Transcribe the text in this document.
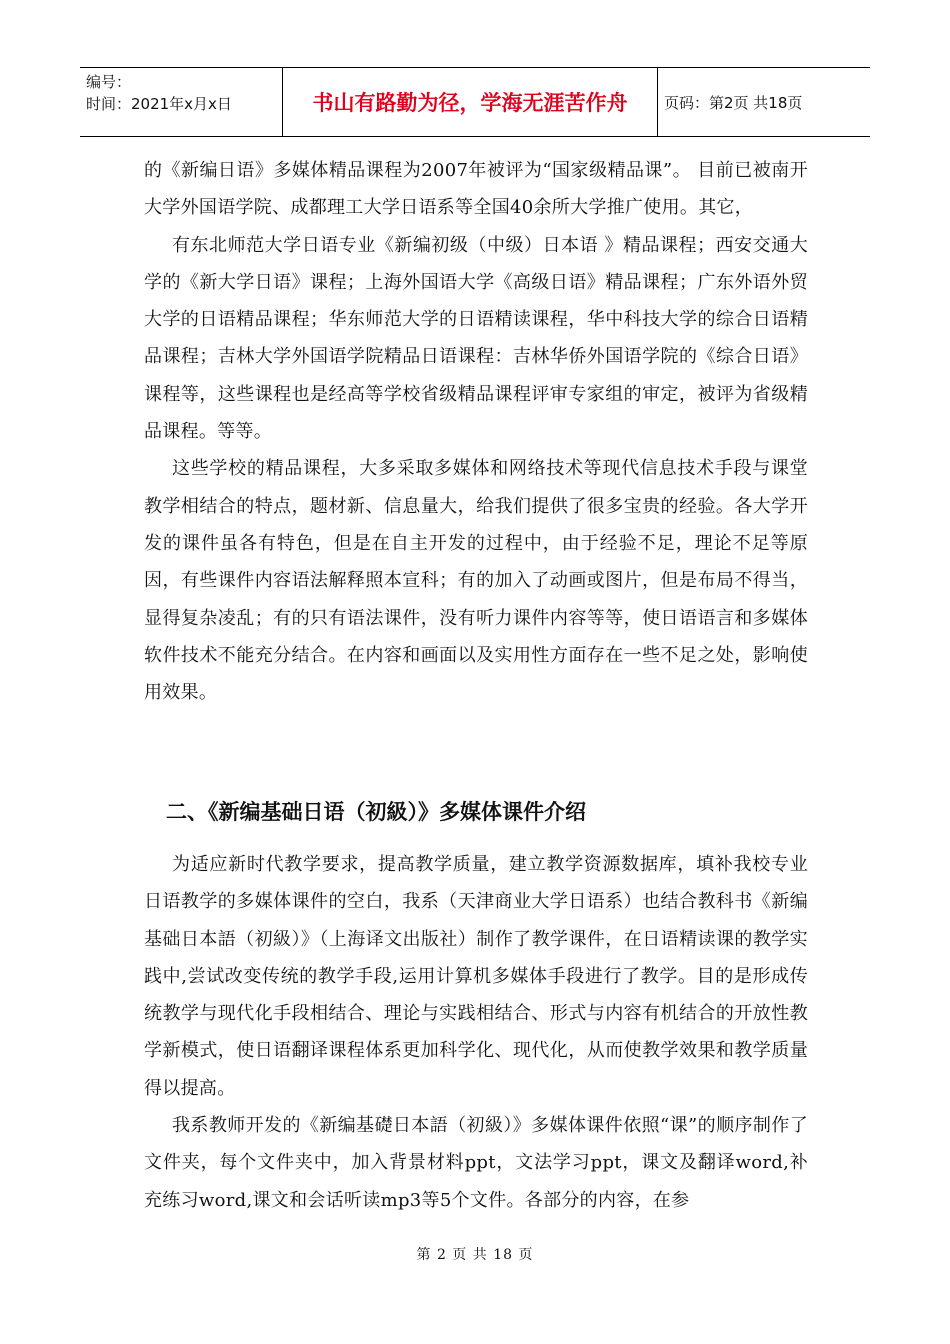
编号：
时间：2021年x月x日	书山有路勤为径，学海无涯苦作舟	页码：第2页 共18页

的《新编日语》多媒体精品课程为2007年被评为“国家级精品课”。 目前已被南开大学外国语学院、成都理工大学日语系等全国40余所大学推广使用。其它，

有东北师范大学日语专业《新编初级（中级）日本语 》精品课程；西安交通大学的《新大学日语》课程；上海外国语大学《高级日语》精品课程；广东外语外贸大学的日语精品课程；华东师范大学的日语精读课程，华中科技大学的综合日语精品课程；吉林大学外国语学院精品日语课程：吉林华侨外国语学院的《综合日语》课程等，这些课程也是经高等学校省级精品课程评审专家组的审定，被评为省级精品课程。等等。

这些学校的精品课程，大多采取多媒体和网络技术等现代信息技术手段与课堂教学相结合的特点，题材新、信息量大，给我们提供了很多宝贵的经验。各大学开发的课件虽各有特色，但是在自主开发的过程中，由于经验不足，理论不足等原因，有些课件内容语法解释照本宣科；有的加入了动画或图片，但是布局不得当，显得复杂凌乱；有的只有语法课件，没有听力课件内容等等，使日语语言和多媒体软件技术不能充分结合。在内容和画面以及实用性方面存在一些不足之处，影响使用效果。

二、《新编基础日语（初級）》多媒体课件介绍

为适应新时代教学要求，提高教学质量，建立教学资源数据库，填补我校专业日语教学的多媒体课件的空白，我系（天津商业大学日语系）也结合教科书《新编基础日本語（初級）》（上海译文出版社）制作了教学课件，在日语精读课的教学实践中,尝试改变传统的教学手段,运用计算机多媒体手段进行了教学。目的是形成传统教学与现代化手段相结合、理论与实践相结合、形式与内容有机结合的开放性教学新模式，使日语翻译课程体系更加科学化、现代化，从而使教学效果和教学质量得以提高。

我系教师开发的《新编基礎日本語（初級）》多媒体课件依照“课”的顺序制作了文件夹，每个文件夹中，加入背景材料ppt，文法学习ppt，课文及翻译word,补充练习word,课文和会话听读mp3等5个文件。各部分的内容，在参

第 2 页 共 18 页
